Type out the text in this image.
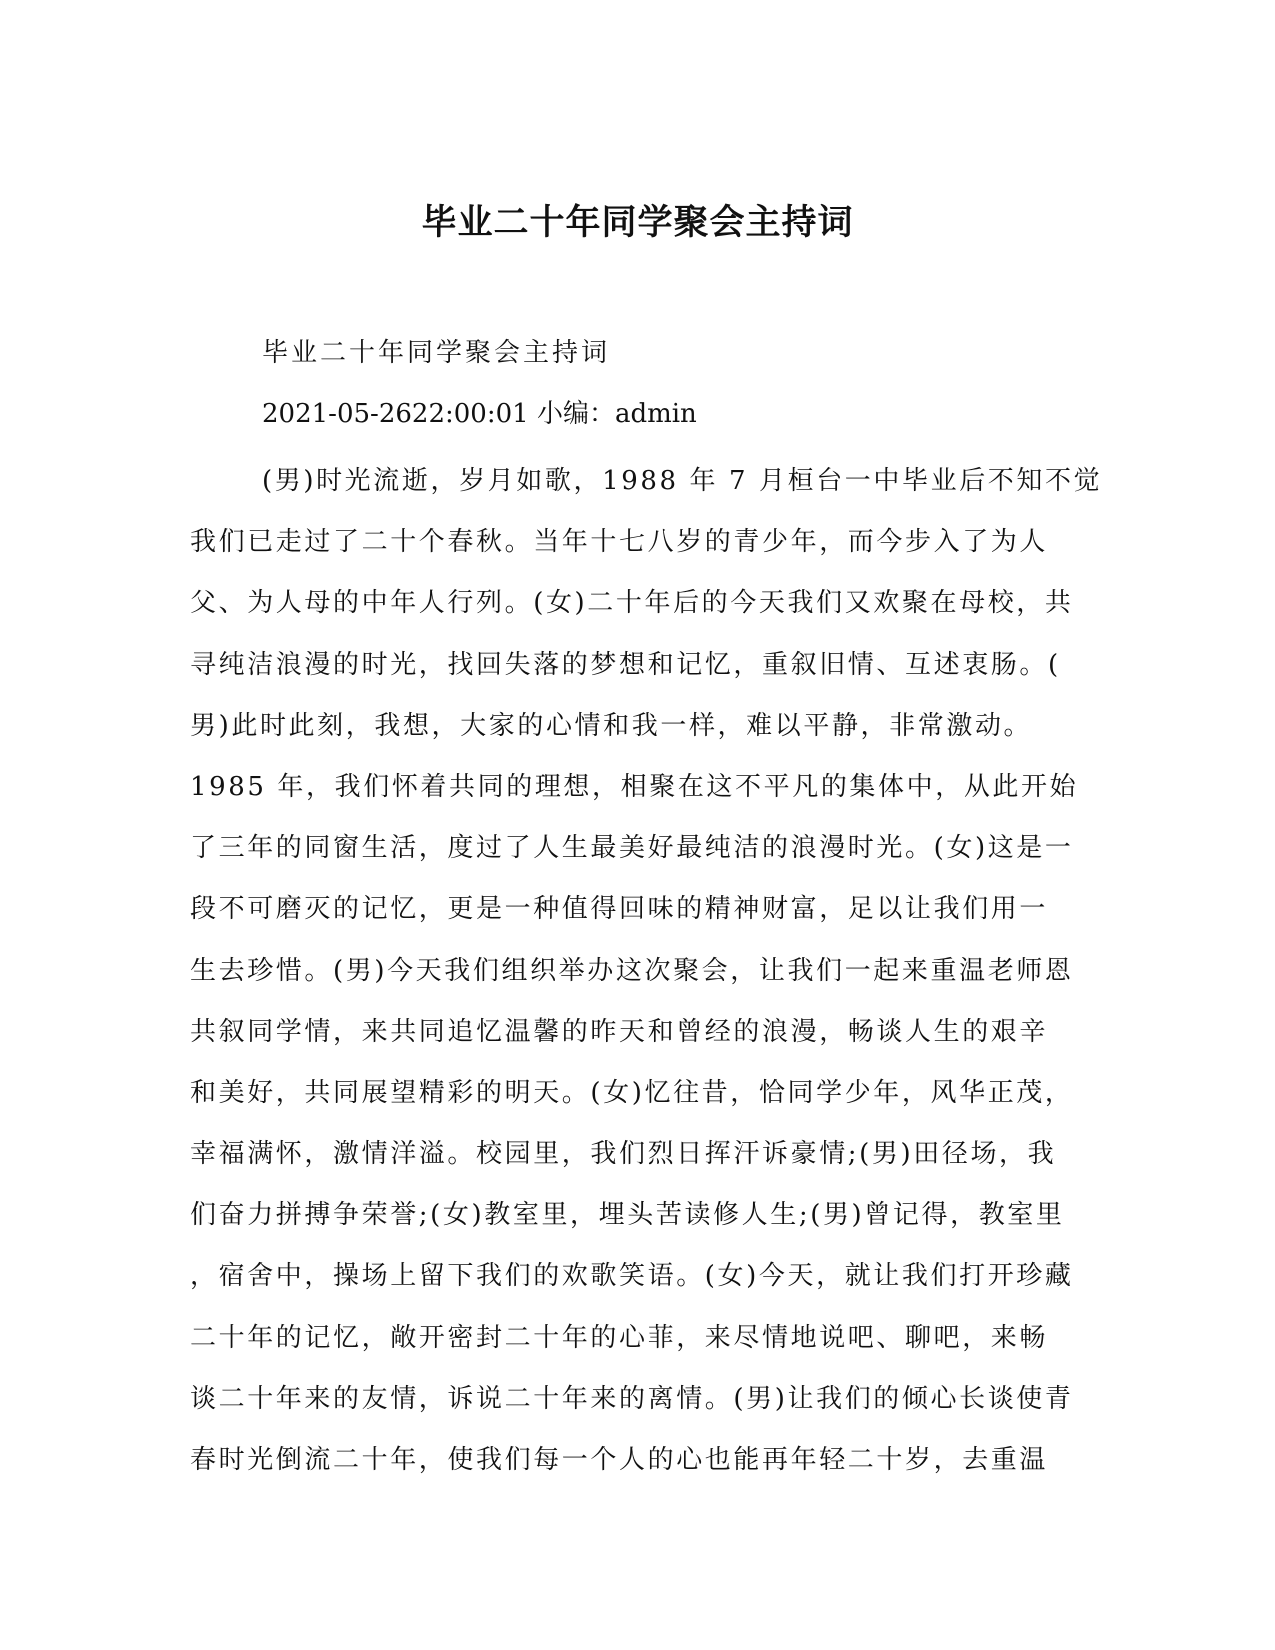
毕业二十年同学聚会主持词

毕业二十年同学聚会主持词

2021-05-2622:00:01 小编：admin

(男)时光流逝，岁月如歌，1988 年 7 月桓台一中毕业后不知不觉
我们已走过了二十个春秋。当年十七八岁的青少年，而今步入了为人
父、为人母的中年人行列。(女)二十年后的今天我们又欢聚在母校，共
寻纯洁浪漫的时光，找回失落的梦想和记忆，重叙旧情、互述衷肠。(
男)此时此刻，我想，大家的心情和我一样，难以平静，非常激动。
1985 年，我们怀着共同的理想，相聚在这不平凡的集体中，从此开始
了三年的同窗生活，度过了人生最美好最纯洁的浪漫时光。(女)这是一
段不可磨灭的记忆，更是一种值得回味的精神财富，足以让我们用一
生去珍惜。(男)今天我们组织举办这次聚会，让我们一起来重温老师恩
共叙同学情，来共同追忆温馨的昨天和曾经的浪漫，畅谈人生的艰辛
和美好，共同展望精彩的明天。(女)忆往昔，恰同学少年，风华正茂，
幸福满怀，激情洋溢。校园里，我们烈日挥汗诉豪情;(男)田径场，我
们奋力拼搏争荣誉;(女)教室里，埋头苦读修人生;(男)曾记得，教室里
，宿舍中，操场上留下我们的欢歌笑语。(女)今天，就让我们打开珍藏
二十年的记忆，敞开密封二十年的心菲，来尽情地说吧、聊吧，来畅
谈二十年来的友情，诉说二十年来的离情。(男)让我们的倾心长谈使青
春时光倒流二十年，使我们每一个人的心也能再年轻二十岁，去重温
